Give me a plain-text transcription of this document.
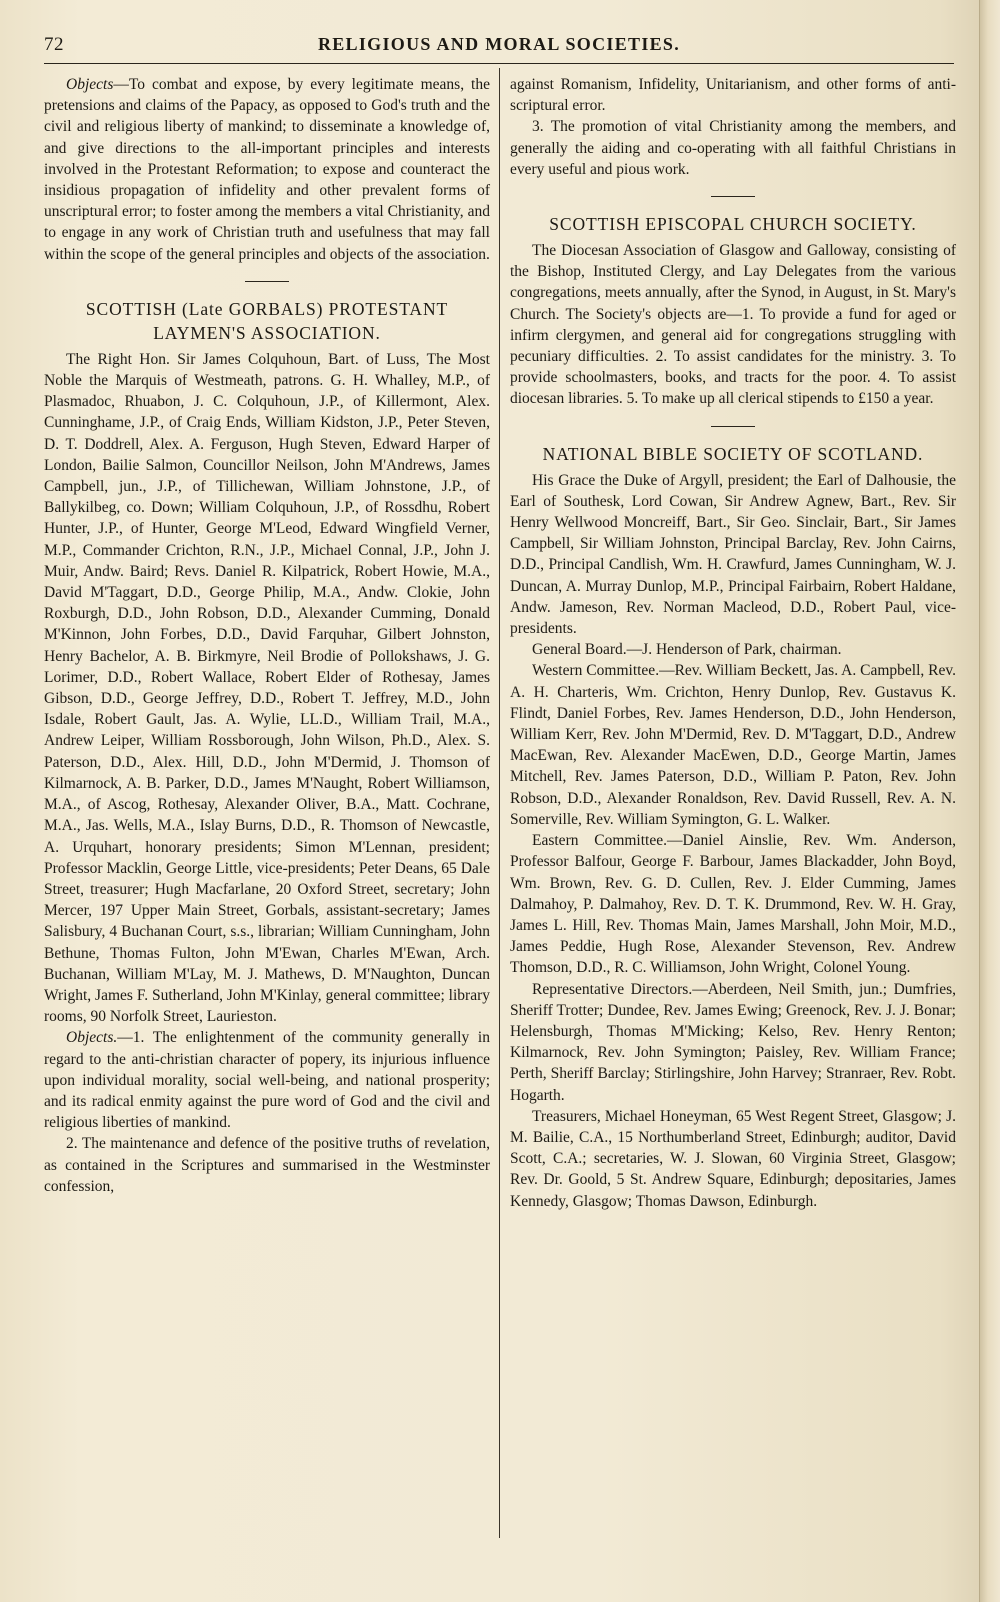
72	RELIGIOUS AND MORAL SOCIETIES.

Objects—To combat and expose, by every legitimate means, the pretensions and claims of the Papacy, as opposed to God's truth and the civil and religious liberty of mankind; to disseminate a knowledge of, and give directions to the all-important principles and interests involved in the Protestant Reformation; to expose and counteract the insidious propagation of infidelity and other prevalent forms of unscriptural error; to foster among the members a vital Christianity, and to engage in any work of Christian truth and usefulness that may fall within the scope of the general principles and objects of the association.

SCOTTISH (Late GORBALS) PROTESTANT LAYMEN'S ASSOCIATION.

The Right Hon. Sir James Colquhoun, Bart. of Luss, The Most Noble the Marquis of Westmeath, patrons. G. H. Whalley, M.P., of Plasmadoc, Rhuabon, J. C. Colquhoun, J.P., of Killermont, Alex. Cunninghame, J.P., of Craig Ends, William Kidston, J.P., Peter Steven, D. T. Doddrell, Alex. A. Ferguson, Hugh Steven, Edward Harper of London, Bailie Salmon, Councillor Neilson, John M'Andrews, James Campbell, jun., J.P., of Tillichewan, William Johnstone, J.P., of Ballykilbeg, co. Down; William Colquhoun, J.P., of Rossdhu, Robert Hunter, J.P., of Hunter, George M'Leod, Edward Wingfield Verner, M.P., Commander Crichton, R.N., J.P., Michael Connal, J.P., John J. Muir, Andw. Baird; Revs. Daniel R. Kilpatrick, Robert Howie, M.A., David M'Taggart, D.D., George Philip, M.A., Andw. Clokie, John Roxburgh, D.D., John Robson, D.D., Alexander Cumming, Donald M'Kinnon, John Forbes, D.D., David Farquhar, Gilbert Johnston, Henry Bachelor, A. B. Birkmyre, Neil Brodie of Pollokshaws, J. G. Lorimer, D.D., Robert Wallace, Robert Elder of Rothesay, James Gibson, D.D., George Jeffrey, D.D., Robert T. Jeffrey, M.D., John Isdale, Robert Gault, Jas. A. Wylie, LL.D., William Trail, M.A., Andrew Leiper, William Rossborough, John Wilson, Ph.D., Alex. S. Paterson, D.D., Alex. Hill, D.D., John M'Dermid, J. Thomson of Kilmarnock, A. B. Parker, D.D., James M'Naught, Robert Williamson, M.A., of Ascog, Rothesay, Alexander Oliver, B.A., Matt. Cochrane, M.A., Jas. Wells, M.A., Islay Burns, D.D., R. Thomson of Newcastle, A. Urquhart, honorary presidents; Simon M'Lennan, president; Professor Macklin, George Little, vice-presidents; Peter Deans, 65 Dale Street, treasurer; Hugh Macfarlane, 20 Oxford Street, secretary; John Mercer, 197 Upper Main Street, Gorbals, assistant-secretary; James Salisbury, 4 Buchanan Court, s.s., librarian; William Cunningham, John Bethune, Thomas Fulton, John M'Ewan, Charles M'Ewan, Arch. Buchanan, William M'Lay, M. J. Mathews, D. M'Naughton, Duncan Wright, James F. Sutherland, John M'Kinlay, general committee; library rooms, 90 Norfolk Street, Laurieston.

Objects.—1. The enlightenment of the community generally in regard to the anti-christian character of popery, its injurious influence upon individual morality, social well-being, and national prosperity; and its radical enmity against the pure word of God and the civil and religious liberties of mankind.

2. The maintenance and defence of the positive truths of revelation, as contained in the Scriptures and summarised in the Westminster confession,

against Romanism, Infidelity, Unitarianism, and other forms of anti-scriptural error.

3. The promotion of vital Christianity among the members, and generally the aiding and co-operating with all faithful Christians in every useful and pious work.

SCOTTISH EPISCOPAL CHURCH SOCIETY.

The Diocesan Association of Glasgow and Galloway, consisting of the Bishop, Instituted Clergy, and Lay Delegates from the various congregations, meets annually, after the Synod, in August, in St. Mary's Church. The Society's objects are—1. To provide a fund for aged or infirm clergymen, and general aid for congregations struggling with pecuniary difficulties. 2. To assist candidates for the ministry. 3. To provide schoolmasters, books, and tracts for the poor. 4. To assist diocesan libraries. 5. To make up all clerical stipends to £150 a year.

NATIONAL BIBLE SOCIETY OF SCOTLAND.

His Grace the Duke of Argyll, president; the Earl of Dalhousie, the Earl of Southesk, Lord Cowan, Sir Andrew Agnew, Bart., Rev. Sir Henry Wellwood Moncreiff, Bart., Sir Geo. Sinclair, Bart., Sir James Campbell, Sir William Johnston, Principal Barclay, Rev. John Cairns, D.D., Principal Candlish, Wm. H. Crawfurd, James Cunningham, W. J. Duncan, A. Murray Dunlop, M.P., Principal Fairbairn, Robert Haldane, Andw. Jameson, Rev. Norman Macleod, D.D., Robert Paul, vice-presidents.

General Board.—J. Henderson of Park, chairman.

Western Committee.—Rev. William Beckett, Jas. A. Campbell, Rev. A. H. Charteris, Wm. Crichton, Henry Dunlop, Rev. Gustavus K. Flindt, Daniel Forbes, Rev. James Henderson, D.D., John Henderson, William Kerr, Rev. John M'Dermid, Rev. D. M'Taggart, D.D., Andrew MacEwan, Rev. Alexander MacEwen, D.D., George Martin, James Mitchell, Rev. James Paterson, D.D., William P. Paton, Rev. John Robson, D.D., Alexander Ronaldson, Rev. David Russell, Rev. A. N. Somerville, Rev. William Symington, G. L. Walker.

Eastern Committee.—Daniel Ainslie, Rev. Wm. Anderson, Professor Balfour, George F. Barbour, James Blackadder, John Boyd, Wm. Brown, Rev. G. D. Cullen, Rev. J. Elder Cumming, James Dalmahoy, P. Dalmahoy, Rev. D. T. K. Drummond, Rev. W. H. Gray, James L. Hill, Rev. Thomas Main, James Marshall, John Moir, M.D., James Peddie, Hugh Rose, Alexander Stevenson, Rev. Andrew Thomson, D.D., R. C. Williamson, John Wright, Colonel Young.

Representative Directors.—Aberdeen, Neil Smith, jun.; Dumfries, Sheriff Trotter; Dundee, Rev. James Ewing; Greenock, Rev. J. J. Bonar; Helensburgh, Thomas M'Micking; Kelso, Rev. Henry Renton; Kilmarnock, Rev. John Symington; Paisley, Rev. William France; Perth, Sheriff Barclay; Stirlingshire, John Harvey; Stranraer, Rev. Robt. Hogarth.

Treasurers, Michael Honeyman, 65 West Regent Street, Glasgow; J. M. Bailie, C.A., 15 Northumberland Street, Edinburgh; auditor, David Scott, C.A.; secretaries, W. J. Slowan, 60 Virginia Street, Glasgow; Rev. Dr. Goold, 5 St. Andrew Square, Edinburgh; depositaries, James Kennedy, Glasgow; Thomas Dawson, Edinburgh.
